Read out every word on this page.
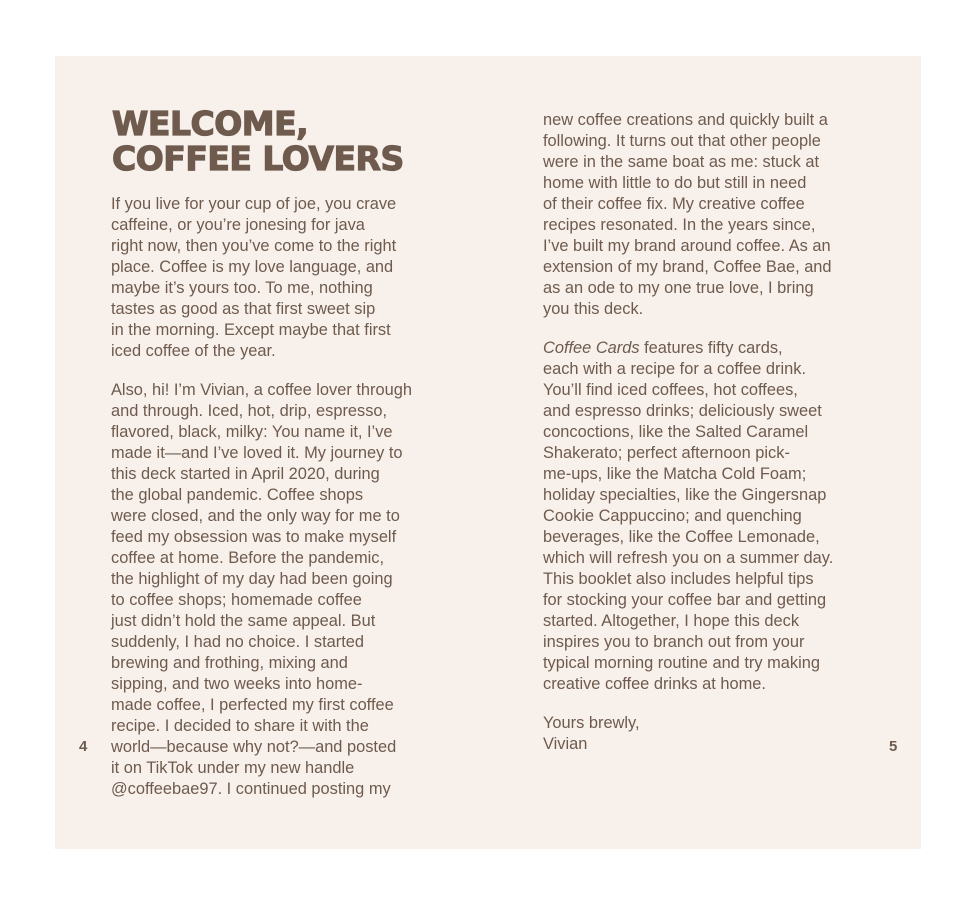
WELCOME,
COFFEE LOVERS
If you live for your cup of joe, you crave
caffeine, or you’re jonesing for java
right now, then you’ve come to the right
place. Coffee is my love language, and
maybe it’s yours too. To me, nothing
tastes as good as that first sweet sip
in the morning. Except maybe that first
iced coffee of the year.
Also, hi! I’m Vivian, a coffee lover through
and through. Iced, hot, drip, espresso,
flavored, black, milky: You name it, I’ve
made it—and I’ve loved it. My journey to
this deck started in April 2020, during
the global pandemic. Coffee shops
were closed, and the only way for me to
feed my obsession was to make myself
coffee at home. Before the pandemic,
the highlight of my day had been going
to coffee shops; homemade coffee
just didn’t hold the same appeal. But
suddenly, I had no choice. I started
brewing and frothing, mixing and
sipping, and two weeks into home-
made coffee, I perfected my first coffee
recipe. I decided to share it with the
world—because why not?—and posted
it on TikTok under my new handle
@coffeebae97. I continued posting my
new coffee creations and quickly built a
following. It turns out that other people
were in the same boat as me: stuck at
home with little to do but still in need
of their coffee fix. My creative coffee
recipes resonated. In the years since,
I’ve built my brand around coffee. As an
extension of my brand, Coffee Bae, and
as an ode to my one true love, I bring
you this deck.
Coffee Cards features fifty cards,
each with a recipe for a coffee drink.
You’ll find iced coffees, hot coffees,
and espresso drinks; deliciously sweet
concoctions, like the Salted Caramel
Shakerato; perfect afternoon pick-
me-ups, like the Matcha Cold Foam;
holiday specialties, like the Gingersnap
Cookie Cappuccino; and quenching
beverages, like the Coffee Lemonade,
which will refresh you on a summer day.
This booklet also includes helpful tips
for stocking your coffee bar and getting
started. Altogether, I hope this deck
inspires you to branch out from your
typical morning routine and try making
creative coffee drinks at home.
Yours brewly,
Vivian
4	5
